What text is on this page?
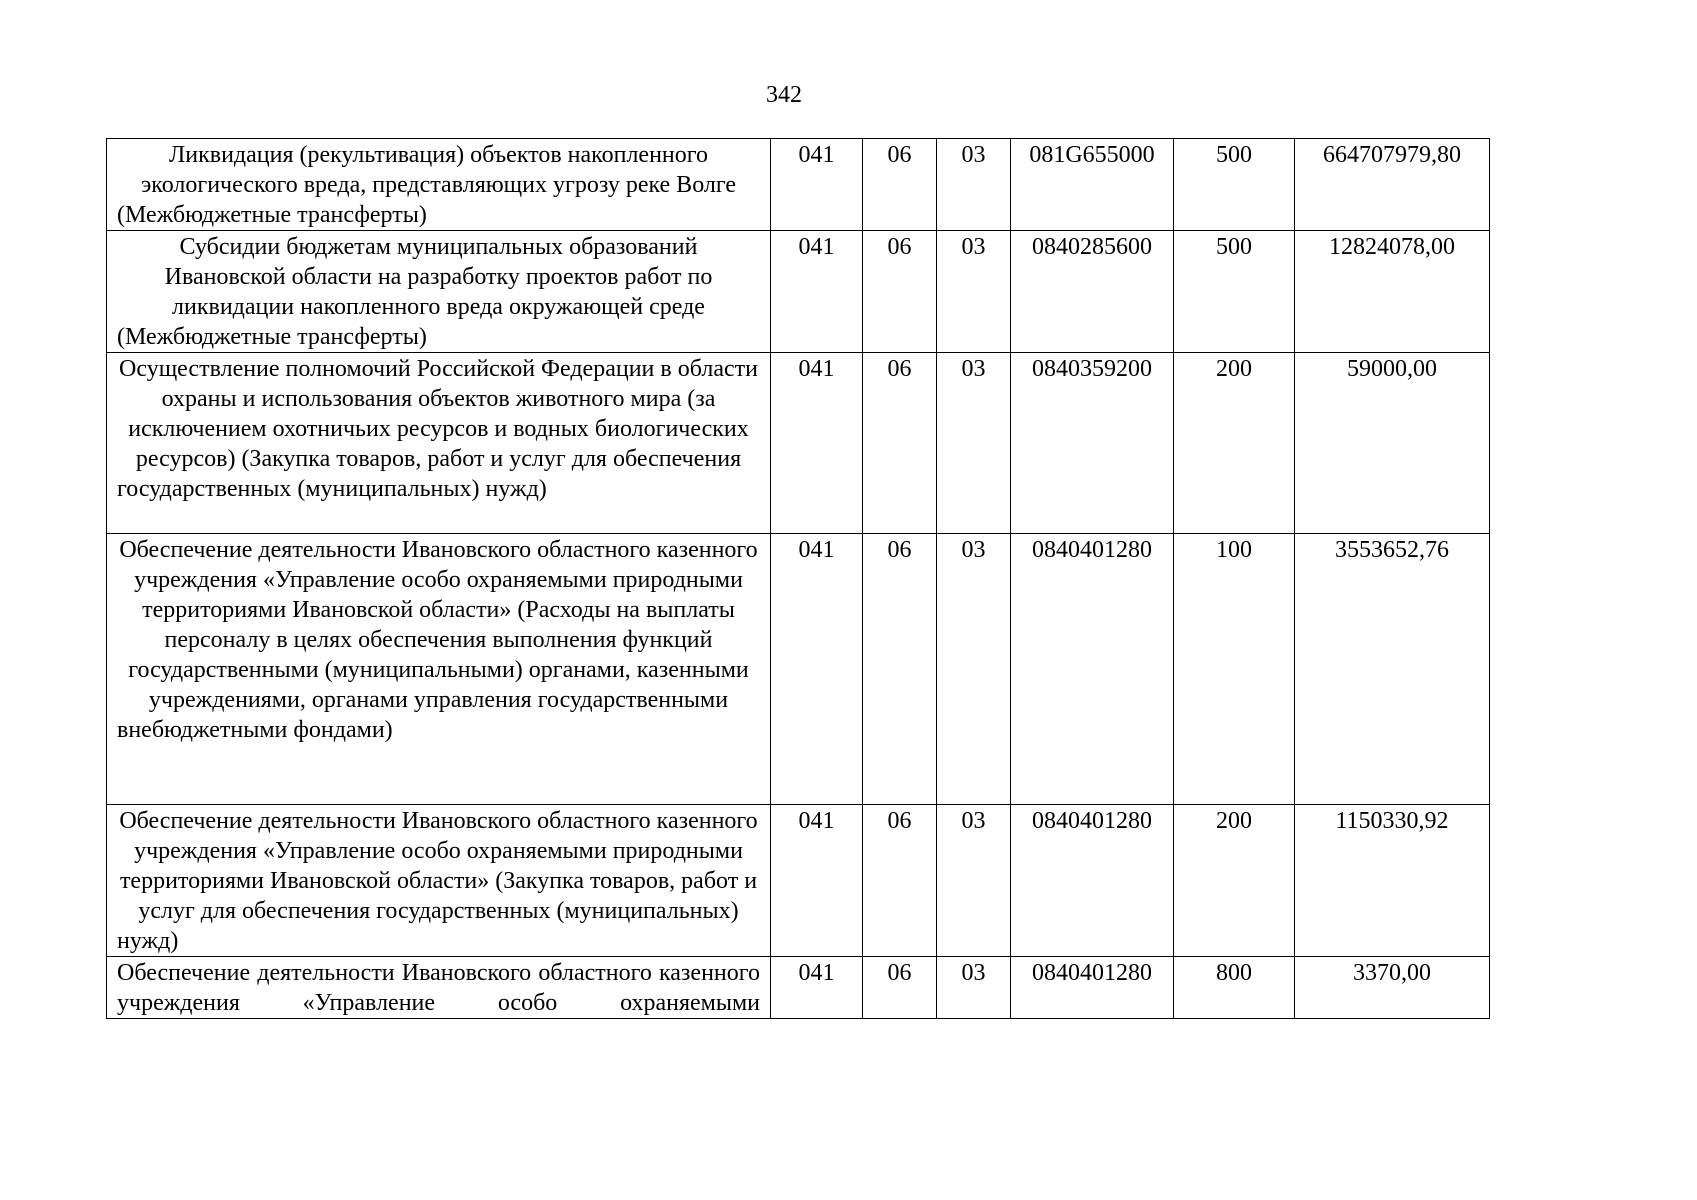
342
Ликвидация (рекультивация) объектов накопленного экологического вреда, представляющих угрозу реке Волге (Межбюджетные трансферты)	041	06	03	081G655000	500	664707979,80
Субсидии бюджетам муниципальных образований Ивановской области на разработку проектов работ по ликвидации накопленного вреда окружающей среде (Межбюджетные трансферты)	041	06	03	0840285600	500	12824078,00
Осуществление полномочий Российской Федерации в области охраны и использования объектов животного мира (за исключением охотничьих ресурсов и водных биологических ресурсов) (Закупка товаров, работ и услуг для обеспечения государственных (муниципальных) нужд)	041	06	03	0840359200	200	59000,00
Обеспечение деятельности Ивановского областного казенного учреждения «Управление особо охраняемыми природными территориями Ивановской области» (Расходы на выплаты персоналу в целях обеспечения выполнения функций государственными (муниципальными) органами, казенными учреждениями, органами управления государственными внебюджетными фондами)	041	06	03	0840401280	100	3553652,76
Обеспечение деятельности Ивановского областного казенного учреждения «Управление особо охраняемыми природными территориями Ивановской области» (Закупка товаров, работ и услуг для обеспечения государственных (муниципальных) нужд)	041	06	03	0840401280	200	1150330,92
Обеспечение деятельности Ивановского областного казенного учреждения «Управление особо охраняемыми	041	06	03	0840401280	800	3370,00
